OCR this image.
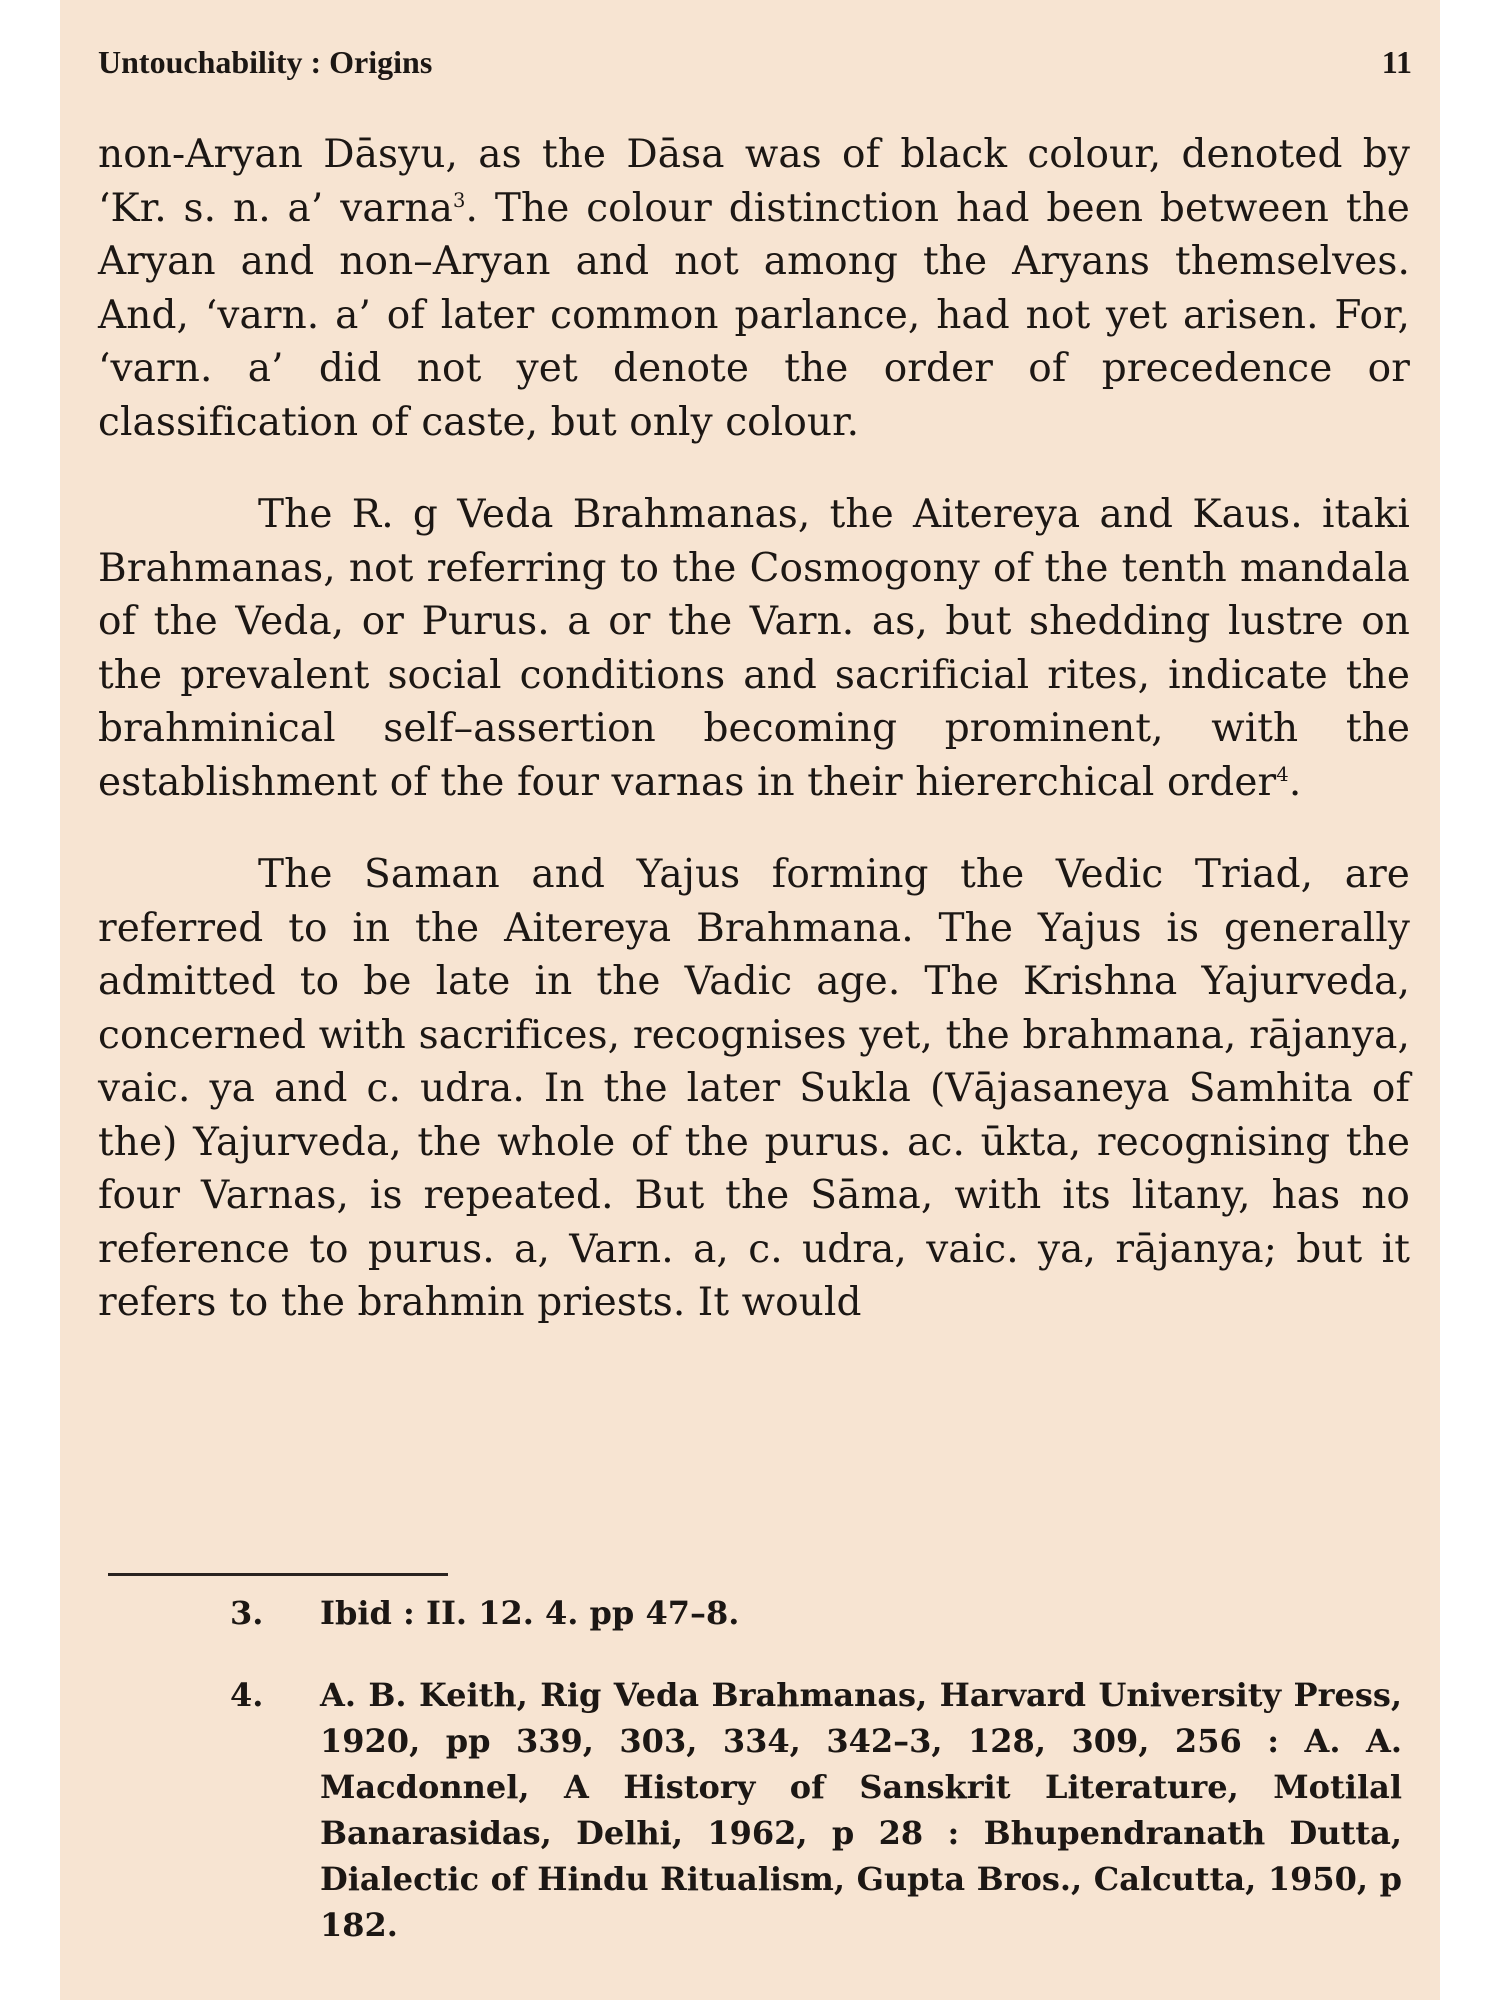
Untouchability : Origins	11

non-Aryan Dāsyu, as the Dāsa was of black colour, denoted by ‘Kr. s. n. a’ varna$^3$. The colour distinction had been between the Aryan and non–Aryan and not among the Aryans themselves. And, ‘varn. a’ of later common parlance, had not yet arisen. For, ‘varn. a’ did not yet denote the order of precedence or classification of caste, but only colour.

The R. g Veda Brahmanas, the Aitereya and Kaus. itaki Brahmanas, not referring to the Cosmogony of the tenth mandala of the Veda, or Purus. a or the Varn. as, but shedding lustre on the prevalent social conditions and sacrificial rites, indicate the brahminical self–assertion becoming prominent, with the establishment of the four varnas in their hiererchical order$^4$.

The Saman and Yajus forming the Vedic Triad, are referred to in the Aitereya Brahmana. The Yajus is generally admitted to be late in the Vadic age. The Krishna Yajurveda, concerned with sacrifices, recognises yet, the brahmana, rājanya, vaic. ya and c. udra. In the later Sukla (Vājasaneya Samhita of the) Yajurveda, the whole of the purus. ac. ūkta, recognising the four Varnas, is repeated. But the Sāma, with its litany, has no reference to purus. a, Varn. a, c. udra, vaic. ya, rājanya; but it refers to the brahmin priests. It would

3. Ibid : II. 12. 4. pp 47–8.

4. A. B. Keith, Rig Veda Brahmanas, Harvard University Press, 1920, pp 339, 303, 334, 342–3, 128, 309, 256 : A. A. Macdonnel, A History of Sanskrit Literature, Motilal Banarasidas, Delhi, 1962, p 28 : Bhupendranath Dutta, Dialectic of Hindu Ritualism, Gupta Bros., Calcutta, 1950, p 182.
